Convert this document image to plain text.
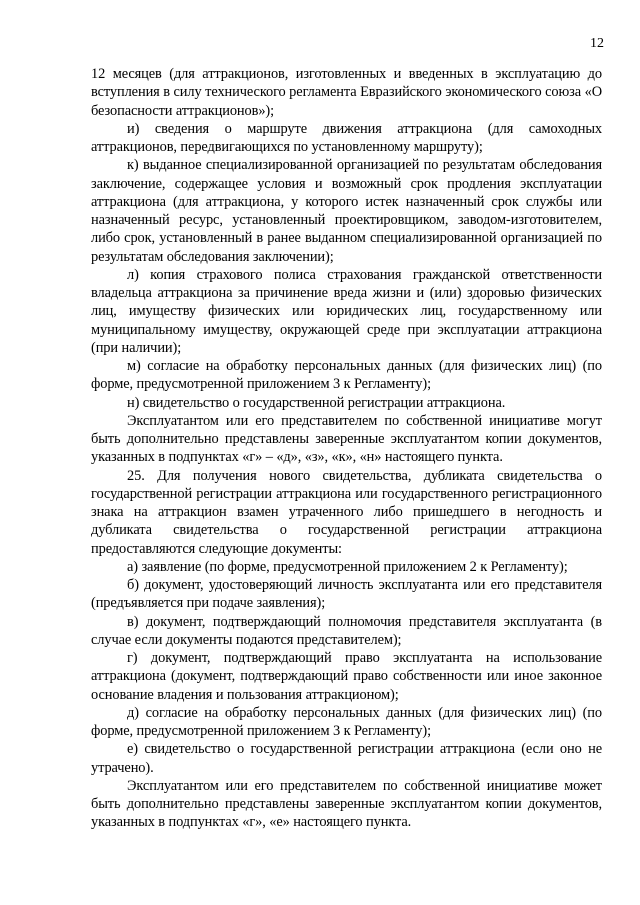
12

12 месяцев (для аттракционов, изготовленных и введенных в эксплуатацию до вступления в силу технического регламента Евразийского экономического союза «О безопасности аттракционов»);

и) сведения о маршруте движения аттракциона (для самоходных аттракционов, передвигающихся по установленному маршруту);

к) выданное специализированной организацией по результатам обследования заключение, содержащее условия и возможный срок продления эксплуатации аттракциона (для аттракциона, у которого истек назначенный срок службы или назначенный ресурс, установленный проектировщиком, заводом-изготовителем, либо срок, установленный в ранее выданном специализированной организацией по результатам обследования заключении);

л) копия страхового полиса страхования гражданской ответственности владельца аттракциона за причинение вреда жизни и (или) здоровью физических лиц, имуществу физических или юридических лиц, государственному или муниципальному имуществу, окружающей среде при эксплуатации аттракциона (при наличии);

м) согласие на обработку персональных данных (для физических лиц) (по форме, предусмотренной приложением 3 к Регламенту);

н) свидетельство о государственной регистрации аттракциона.

Эксплуатантом или его представителем по собственной инициативе могут быть дополнительно представлены заверенные эксплуатантом копии документов, указанных в подпунктах «г» – «д», «з», «к», «н» настоящего пункта.

25. Для получения нового свидетельства, дубликата свидетельства о государственной регистрации аттракциона или государственного регистрационного знака на аттракцион взамен утраченного либо пришедшего в негодность и дубликата свидетельства о государственной регистрации аттракциона предоставляются следующие документы:

а) заявление (по форме, предусмотренной приложением 2 к Регламенту);

б) документ, удостоверяющий личность эксплуатанта или его представителя (предъявляется при подаче заявления);

в) документ, подтверждающий полномочия представителя эксплуатанта (в случае если документы подаются представителем);

г) документ, подтверждающий право эксплуатанта на использование аттракциона (документ, подтверждающий право собственности или иное законное основание владения и пользования аттракционом);

д) согласие на обработку персональных данных (для физических лиц) (по форме, предусмотренной приложением 3 к Регламенту);

е) свидетельство о государственной регистрации аттракциона (если оно не утрачено).

Эксплуатантом или его представителем по собственной инициативе может быть дополнительно представлены заверенные эксплуатантом копии документов, указанных в подпунктах «г», «е» настоящего пункта.
